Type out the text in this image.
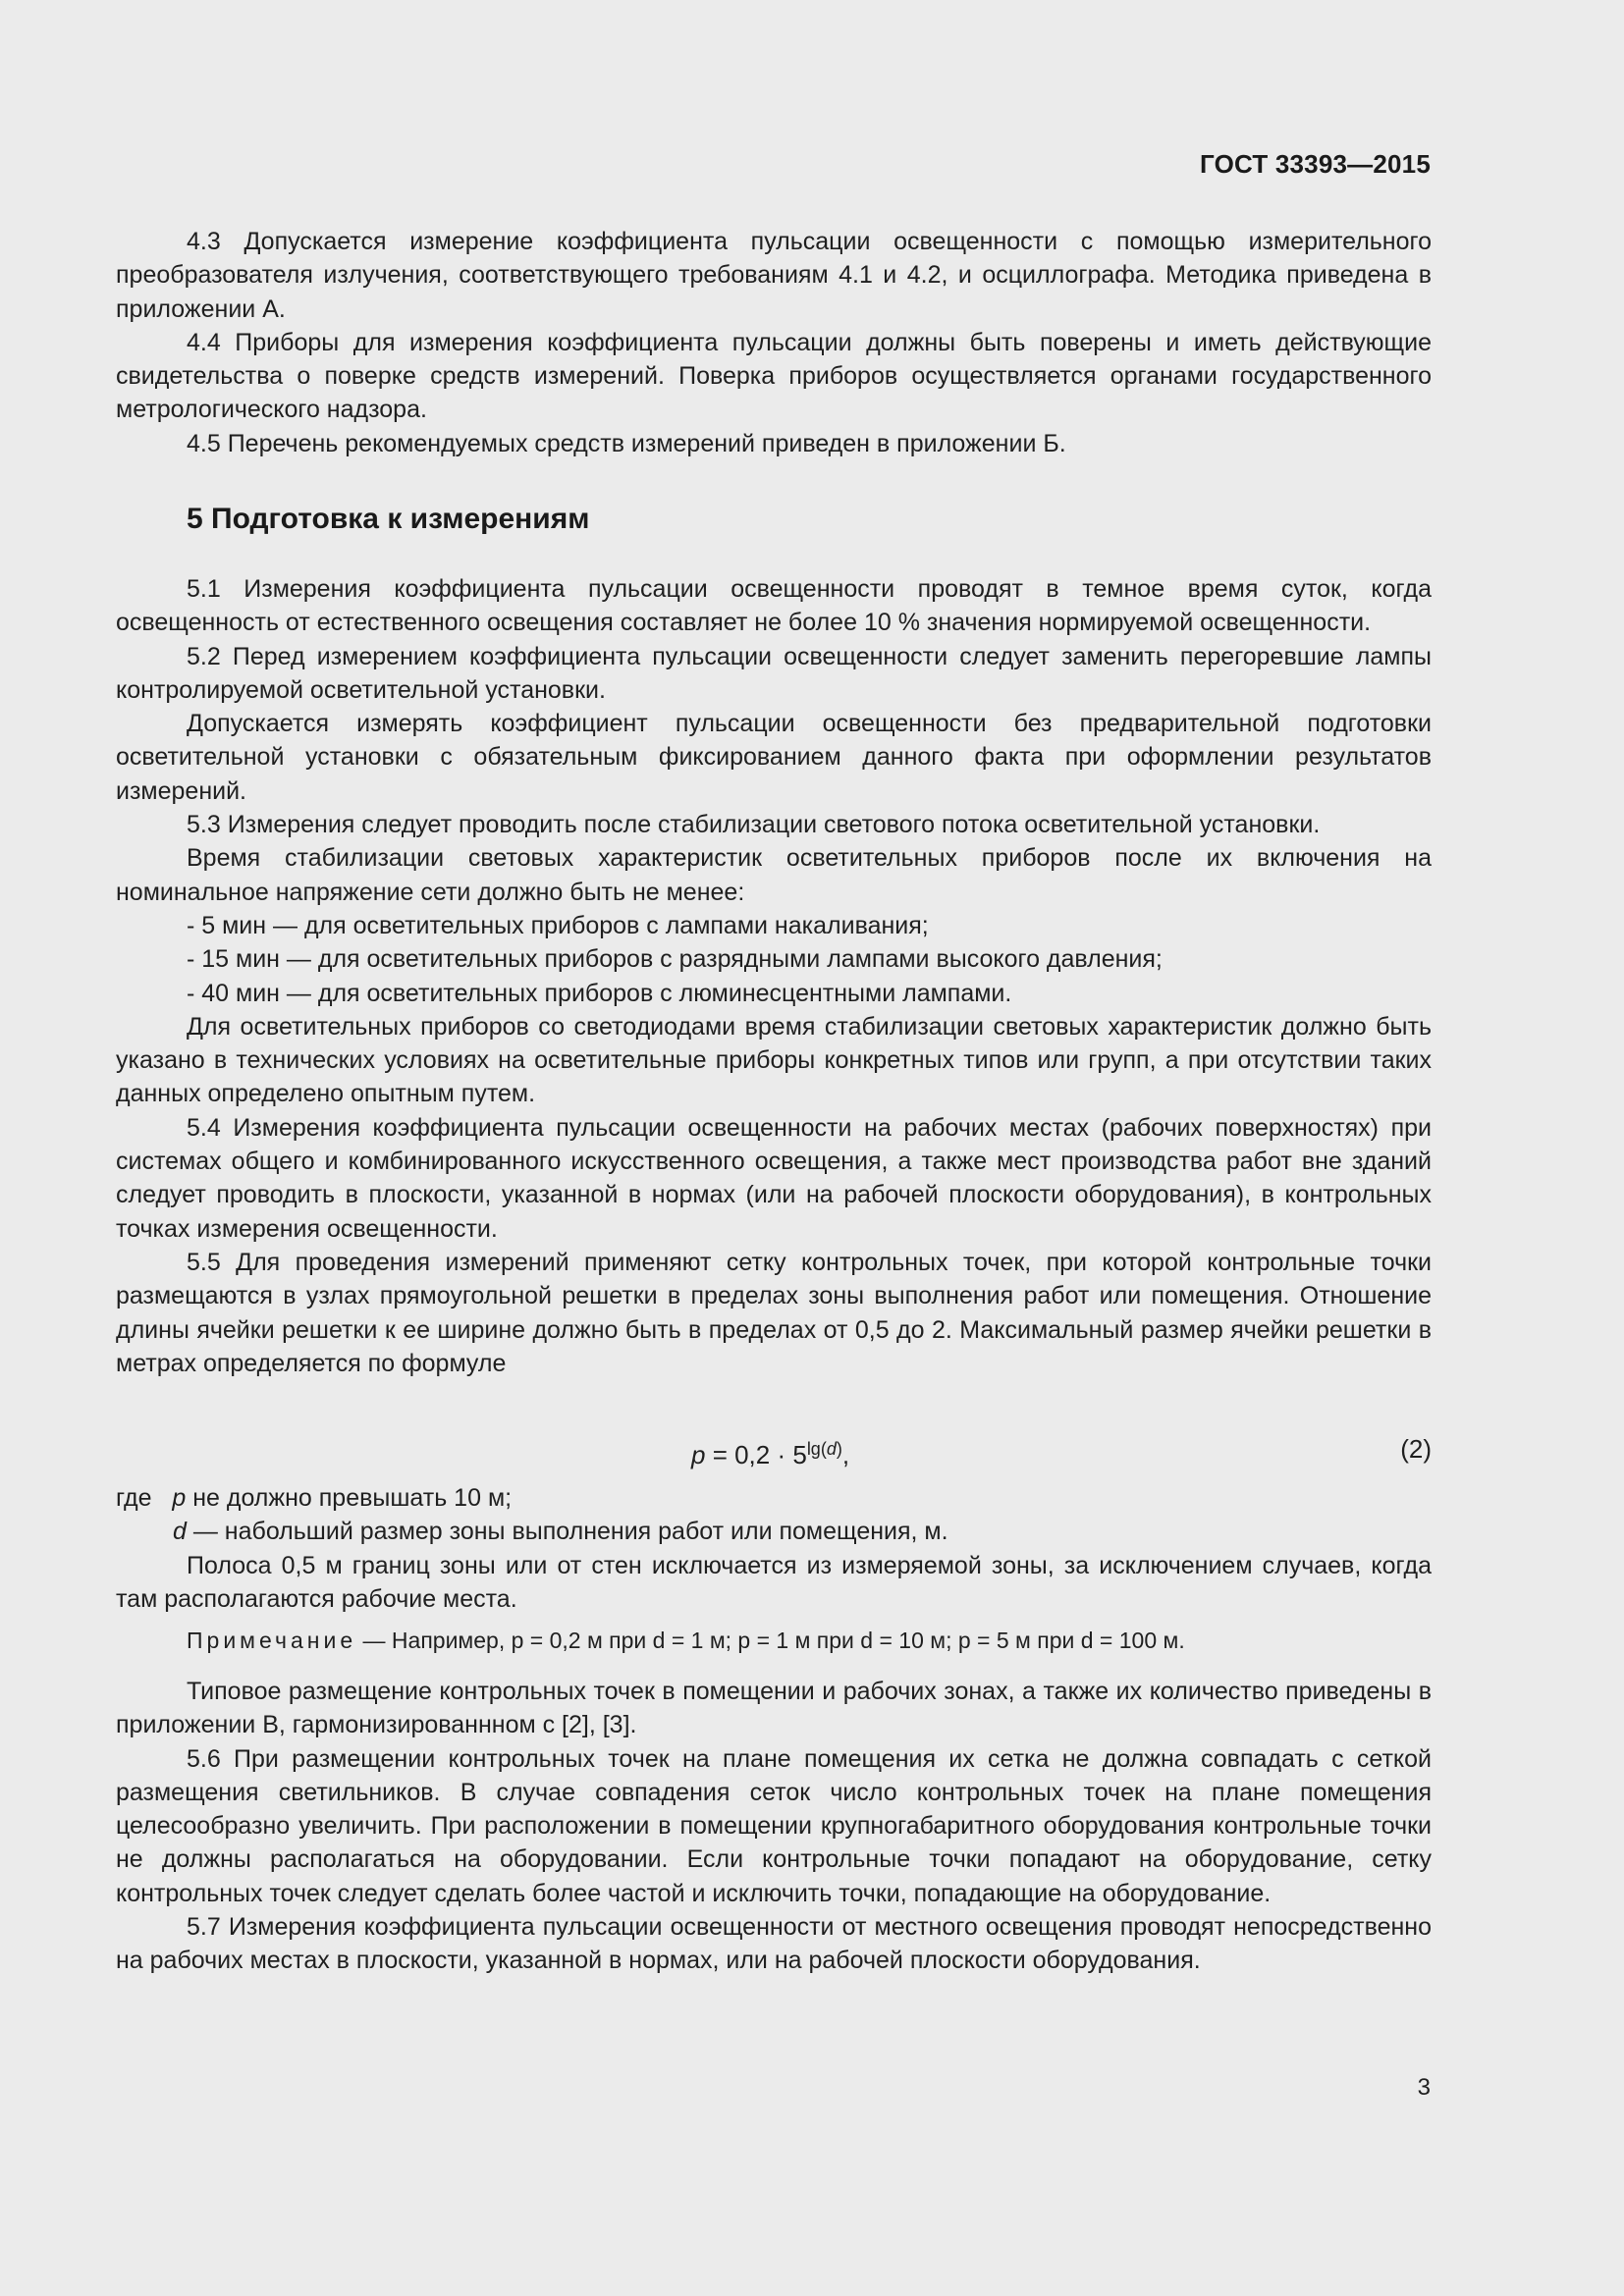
ГОСТ 33393—2015

4.3 Допускается измерение коэффициента пульсации освещенности с помощью измерительного преобразователя излучения, соответствующего требованиям 4.1 и 4.2, и осциллографа. Методика приведена в приложении А.

4.4 Приборы для измерения коэффициента пульсации должны быть поверены и иметь действующие свидетельства о поверке средств измерений. Поверка приборов осуществляется органами государственного метрологического надзора.

4.5 Перечень рекомендуемых средств измерений приведен в приложении Б.

5 Подготовка к измерениям

5.1 Измерения коэффициента пульсации освещенности проводят в темное время суток, когда освещенность от естественного освещения составляет не более 10 % значения нормируемой освещенности.

5.2 Перед измерением коэффициента пульсации освещенности следует заменить перегоревшие лампы контролируемой осветительной установки.

Допускается измерять коэффициент пульсации освещенности без предварительной подготовки осветительной установки с обязательным фиксированием данного факта при оформлении результатов измерений.

5.3 Измерения следует проводить после стабилизации светового потока осветительной установки.

Время стабилизации световых характеристик осветительных приборов после их включения на номинальное напряжение сети должно быть не менее:

- 5 мин — для осветительных приборов с лампами накаливания;

- 15 мин — для осветительных приборов с разрядными лампами высокого давления;

- 40 мин — для осветительных приборов с люминесцентными лампами.

Для осветительных приборов со светодиодами время стабилизации световых характеристик должно быть указано в технических условиях на осветительные приборы конкретных типов или групп, а при отсутствии таких данных определено опытным путем.

5.4 Измерения коэффициента пульсации освещенности на рабочих местах (рабочих поверхностях) при системах общего и комбинированного искусственного освещения, а также мест производства работ вне зданий следует проводить в плоскости, указанной в нормах (или на рабочей плоскости оборудования), в контрольных точках измерения освещенности.

5.5 Для проведения измерений применяют сетку контрольных точек, при которой контрольные точки размещаются в узлах прямоугольной решетки в пределах зоны выполнения работ или помещения. Отношение длины ячейки решетки к ее ширине должно быть в пределах от 0,5 до 2. Максимальный размер ячейки решетки в метрах определяется по формуле

$p = 0,2 \cdot 5^{lg(d)}$,	(2)

где p не должно превышать 10 м;

d — набольший размер зоны выполнения работ или помещения, м.

Полоса 0,5 м границ зоны или от стен исключается из измеряемой зоны, за исключением случаев, когда там располагаются рабочие места.

Примечание — Например, p = 0,2 м при d = 1 м; p = 1 м при d = 10 м; p = 5 м при d = 100 м.

Типовое размещение контрольных точек в помещении и рабочих зонах, а также их количество приведены в приложении В, гармонизированнном с [2], [3].

5.6 При размещении контрольных точек на плане помещения их сетка не должна совпадать с сеткой размещения светильников. В случае совпадения сеток число контрольных точек на плане помещения целесообразно увеличить. При расположении в помещении крупногабаритного оборудования контрольные точки не должны располагаться на оборудовании. Если контрольные точки попадают на оборудование, сетку контрольных точек следует сделать более частой и исключить точки, попадающие на оборудование.

5.7 Измерения коэффициента пульсации освещенности от местного освещения проводят непосредственно на рабочих местах в плоскости, указанной в нормах, или на рабочей плоскости оборудования.

3
